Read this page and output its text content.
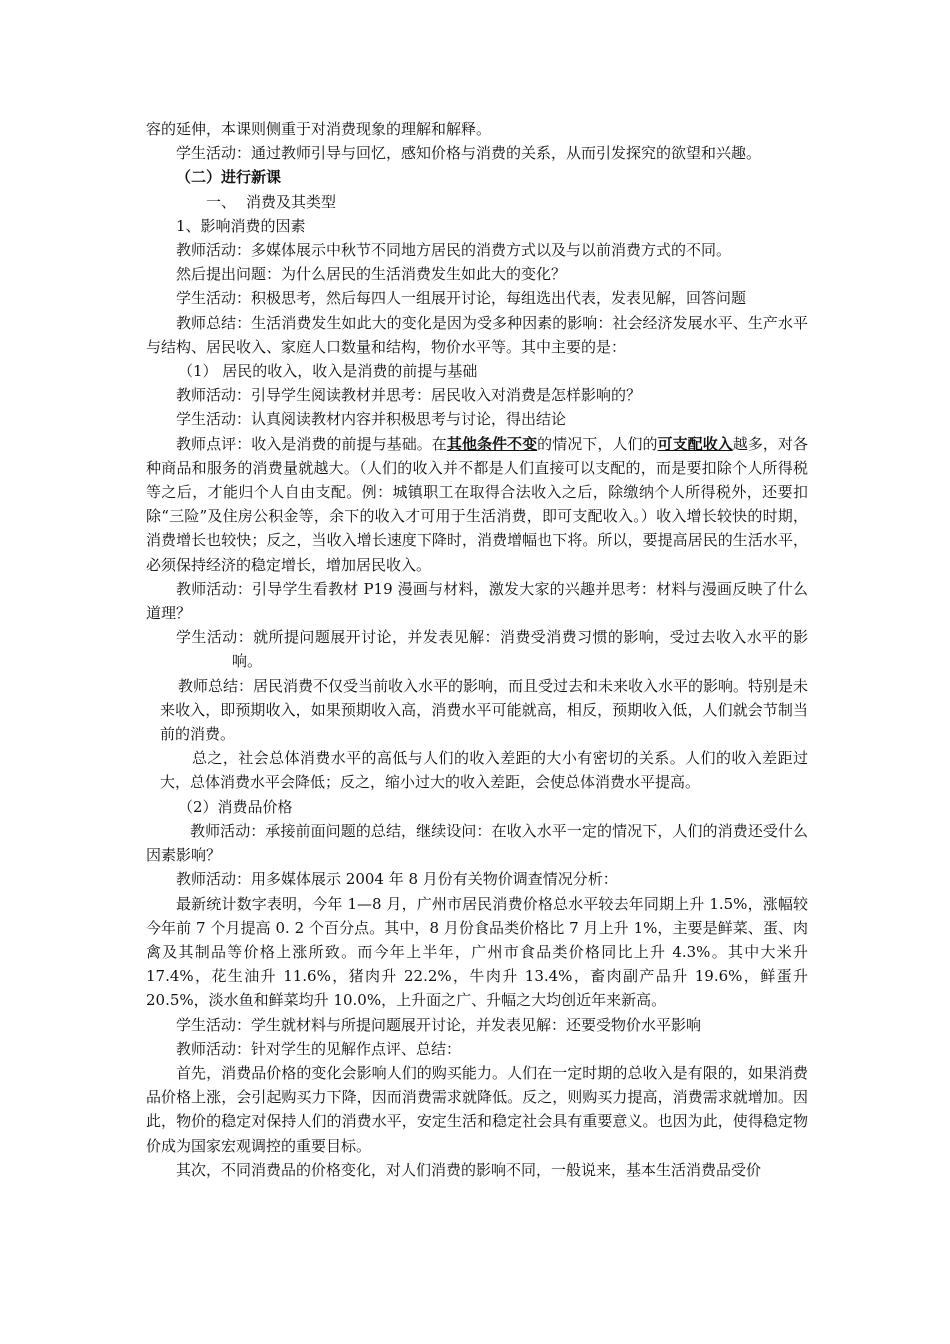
容的延伸，本课则侧重于对消费现象的理解和解释。

学生活动：通过教师引导与回忆，感知价格与消费的关系，从而引发探究的欲望和兴趣。

（二）进行新课

一、 消费及其类型

1、影响消费的因素

教师活动：多媒体展示中秋节不同地方居民的消费方式以及与以前消费方式的不同。

然后提出问题：为什么居民的生活消费发生如此大的变化？

学生活动：积极思考，然后每四人一组展开讨论，每组选出代表，发表见解，回答问题

教师总结：生活消费发生如此大的变化是因为受多种因素的影响：社会经济发展水平、生产水平与结构、居民收入、家庭人口数量和结构，物价水平等。其中主要的是：

（1） 居民的收入，收入是消费的前提与基础

教师活动：引导学生阅读教材并思考：居民收入对消费是怎样影响的？

学生活动：认真阅读教材内容并积极思考与讨论，得出结论

教师点评：收入是消费的前提与基础。在其他条件不变的情况下，人们的可支配收入越多，对各种商品和服务的消费量就越大。（人们的收入并不都是人们直接可以支配的，而是要扣除个人所得税等之后，才能归个人自由支配。例：城镇职工在取得合法收入之后，除缴纳个人所得税外，还要扣除“三险”及住房公积金等，余下的收入才可用于生活消费，即可支配收入。）收入增长较快的时期，消费增长也较快；反之，当收入增长速度下降时，消费增幅也下将。所以，要提高居民的生活水平，必须保持经济的稳定增长，增加居民收入。

教师活动：引导学生看教材 P19 漫画与材料，激发大家的兴趣并思考：材料与漫画反映了什么道理？

学生活动：就所提问题展开讨论，并发表见解：消费受消费习惯的影响，受过去收入水平的影响。

教师总结：居民消费不仅受当前收入水平的影响，而且受过去和未来收入水平的影响。特别是未来收入，即预期收入，如果预期收入高，消费水平可能就高，相反，预期收入低，人们就会节制当前的消费。

总之，社会总体消费水平的高低与人们的收入差距的大小有密切的关系。人们的收入差距过大，总体消费水平会降低；反之，缩小过大的收入差距，会使总体消费水平提高。

（2）消费品价格

教师活动：承接前面问题的总结，继续设问：在收入水平一定的情况下，人们的消费还受什么因素影响？

教师活动：用多媒体展示 2004 年 8 月份有关物价调查情况分析：

最新统计数字表明，今年 1—8 月，广州市居民消费价格总水平较去年同期上升 1.5%，涨幅较今年前 7 个月提高 0. 2 个百分点。其中，8 月份食品类价格比 7 月上升 1%，主要是鲜菜、蛋、肉禽及其制品等价格上涨所致。而今年上半年，广州市食品类价格同比上升 4.3%。其中大米升 17.4%，花生油升 11.6%，猪肉升 22.2%，牛肉升 13.4%，畜肉副产品升 19.6%，鲜蛋升 20.5%，淡水鱼和鲜菜均升 10.0%，上升面之广、升幅之大均创近年来新高。

学生活动：学生就材料与所提问题展开讨论，并发表见解：还要受物价水平影响

教师活动：针对学生的见解作点评、总结：

首先，消费品价格的变化会影响人们的购买能力。人们在一定时期的总收入是有限的，如果消费品价格上涨，会引起购买力下降，因而消费需求就降低。反之，则购买力提高，消费需求就增加。因此，物价的稳定对保持人们的消费水平，安定生活和稳定社会具有重要意义。也因为此，使得稳定物价成为国家宏观调控的重要目标。

其次，不同消费品的价格变化，对人们消费的影响不同，一般说来，基本生活消费品受价
